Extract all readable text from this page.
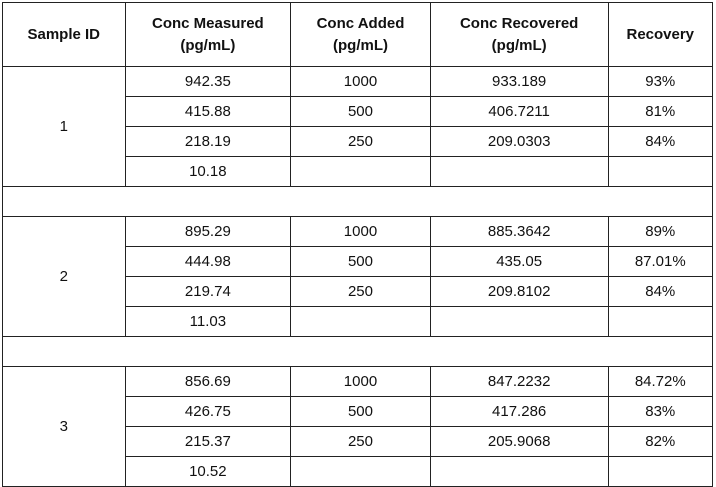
Sample ID	Conc Measured (pg/mL)	Conc Added (pg/mL)	Conc Recovered (pg/mL)	Recovery
1	942.35	1000	933.189	93%
	415.88	500	406.7211	81%
	218.19	250	209.0303	84%
	10.18			

2	895.29	1000	885.3642	89%
	444.98	500	435.05	87.01%
	219.74	250	209.8102	84%
	11.03			

3	856.69	1000	847.2232	84.72%
	426.75	500	417.286	83%
	215.37	250	205.9068	82%
	10.52			
